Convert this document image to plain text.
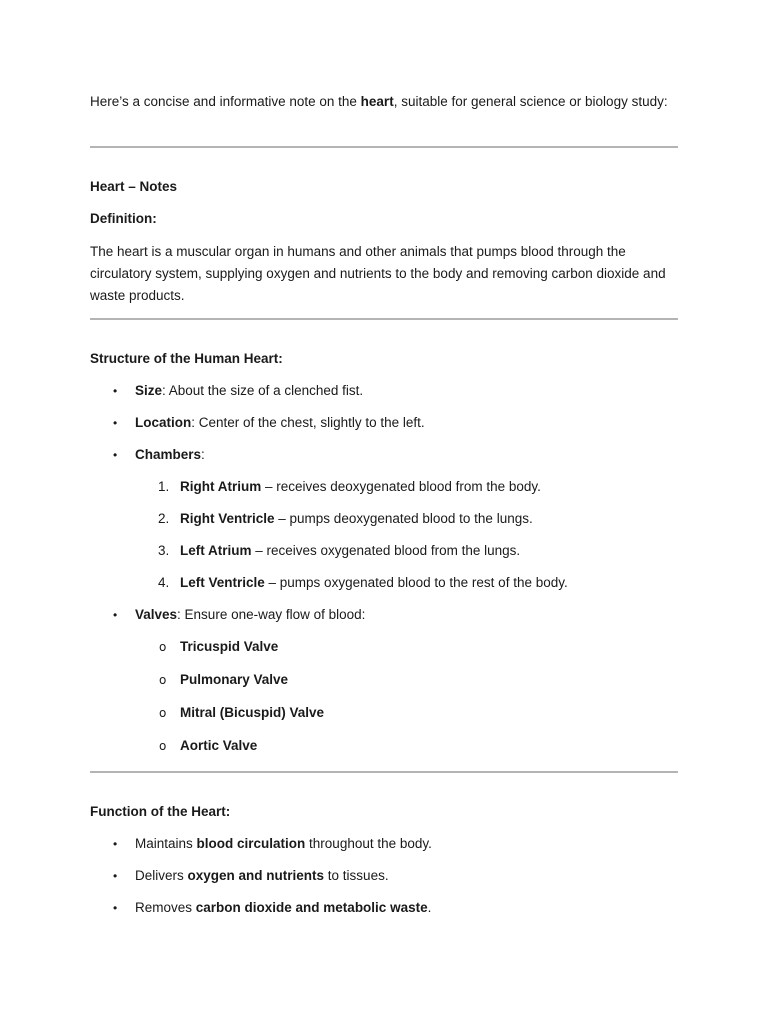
Here’s a concise and informative note on the heart, suitable for general science or biology study:
Heart – Notes
Definition:
The heart is a muscular organ in humans and other animals that pumps blood through the circulatory system, supplying oxygen and nutrients to the body and removing carbon dioxide and waste products.
Structure of the Human Heart:
• Size: About the size of a clenched fist.
• Location: Center of the chest, slightly to the left.
• Chambers:
1. Right Atrium – receives deoxygenated blood from the body.
2. Right Ventricle – pumps deoxygenated blood to the lungs.
3. Left Atrium – receives oxygenated blood from the lungs.
4. Left Ventricle – pumps oxygenated blood to the rest of the body.
• Valves: Ensure one-way flow of blood:
o Tricuspid Valve
o Pulmonary Valve
o Mitral (Bicuspid) Valve
o Aortic Valve
Function of the Heart:
• Maintains blood circulation throughout the body.
• Delivers oxygen and nutrients to tissues.
• Removes carbon dioxide and metabolic waste.
